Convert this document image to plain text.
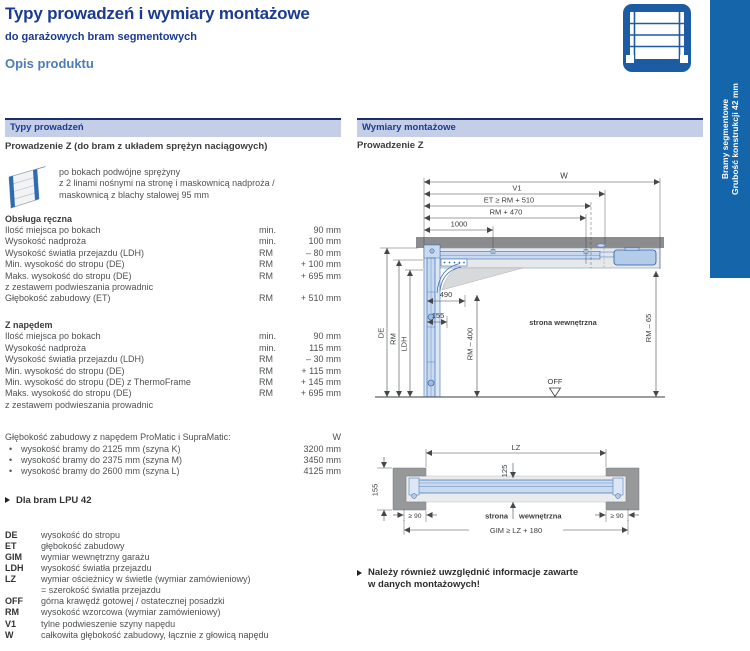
Typy prowadzeń i wymiary montażowe
do garażowych bram segmentowych
Opis produktu
Bramy segmentowe Grubość konstrukcji 42 mm
Typy prowadzeń
Prowadzenie Z (do bram z układem sprężyn naciągowych)
po bokach podwójne sprężyny
z 2 linami nośnymi na stronę i maskownicą nadproża /
maskownicą z blachy stalowej 95 mm
Obsługa ręczna
Ilość miejsca po bokach	min.	90 mm
Wysokość nadproża	min.	100 mm
Wysokość światła przejazdu (LDH)	RM	– 80 mm
Min. wysokość do stropu (DE)	RM	+ 100 mm
Maks. wysokość do stropu (DE)	RM	+ 695 mm
z zestawem podwieszania prowadnic
Głębokość zabudowy (ET)	RM	+ 510 mm
Z napędem
Ilość miejsca po bokach	min.	90 mm
Wysokość nadproża	min.	115 mm
Wysokość światła przejazdu (LDH)	RM	– 30 mm
Min. wysokość do stropu (DE)	RM	+ 115 mm
Min. wysokość do stropu (DE) z ThermoFrame	RM	+ 145 mm
Maks. wysokość do stropu (DE)	RM	+ 695 mm
z zestawem podwieszania prowadnic
Głębokość zabudowy z napędem ProMatic i SupraMatic:	W
• wysokość bramy do 2125 mm (szyna K)	3200 mm
• wysokość bramy do 2375 mm (szyna M)	3450 mm
• wysokość bramy do 2600 mm (szyna L)	4125 mm
Dla bram LPU 42
DE	wysokość do stropu
ET	głębokość zabudowy
GIM	wymiar wewnętrzny garażu
LDH	wysokość światła przejazdu
LZ	wymiar ościeżnicy w świetle (wymiar zamówieniowy)
= szerokość światła przejazdu
OFF	górna krawędź gotowej / ostatecznej posadzki
RM	wysokość wzorcowa (wymiar zamówieniowy)
V1	tylne podwieszenie szyny napędu
W	całkowita głębokość zabudowy, łącznie z głowicą napędu
Wymiary montażowe
Prowadzenie Z
W
V1
ET ≥ RM + 510
RM + 470
1000
490
155
RM – 400
DE
RM LDH
RM – 65
OFF
strona wewnętrzna
LZ
125
155
≥ 90	≥ 90
strona wewnętrzna
GIM ≥ LZ + 180
Należy również uwzględnić informacje zawarte
w danych montażowych!
